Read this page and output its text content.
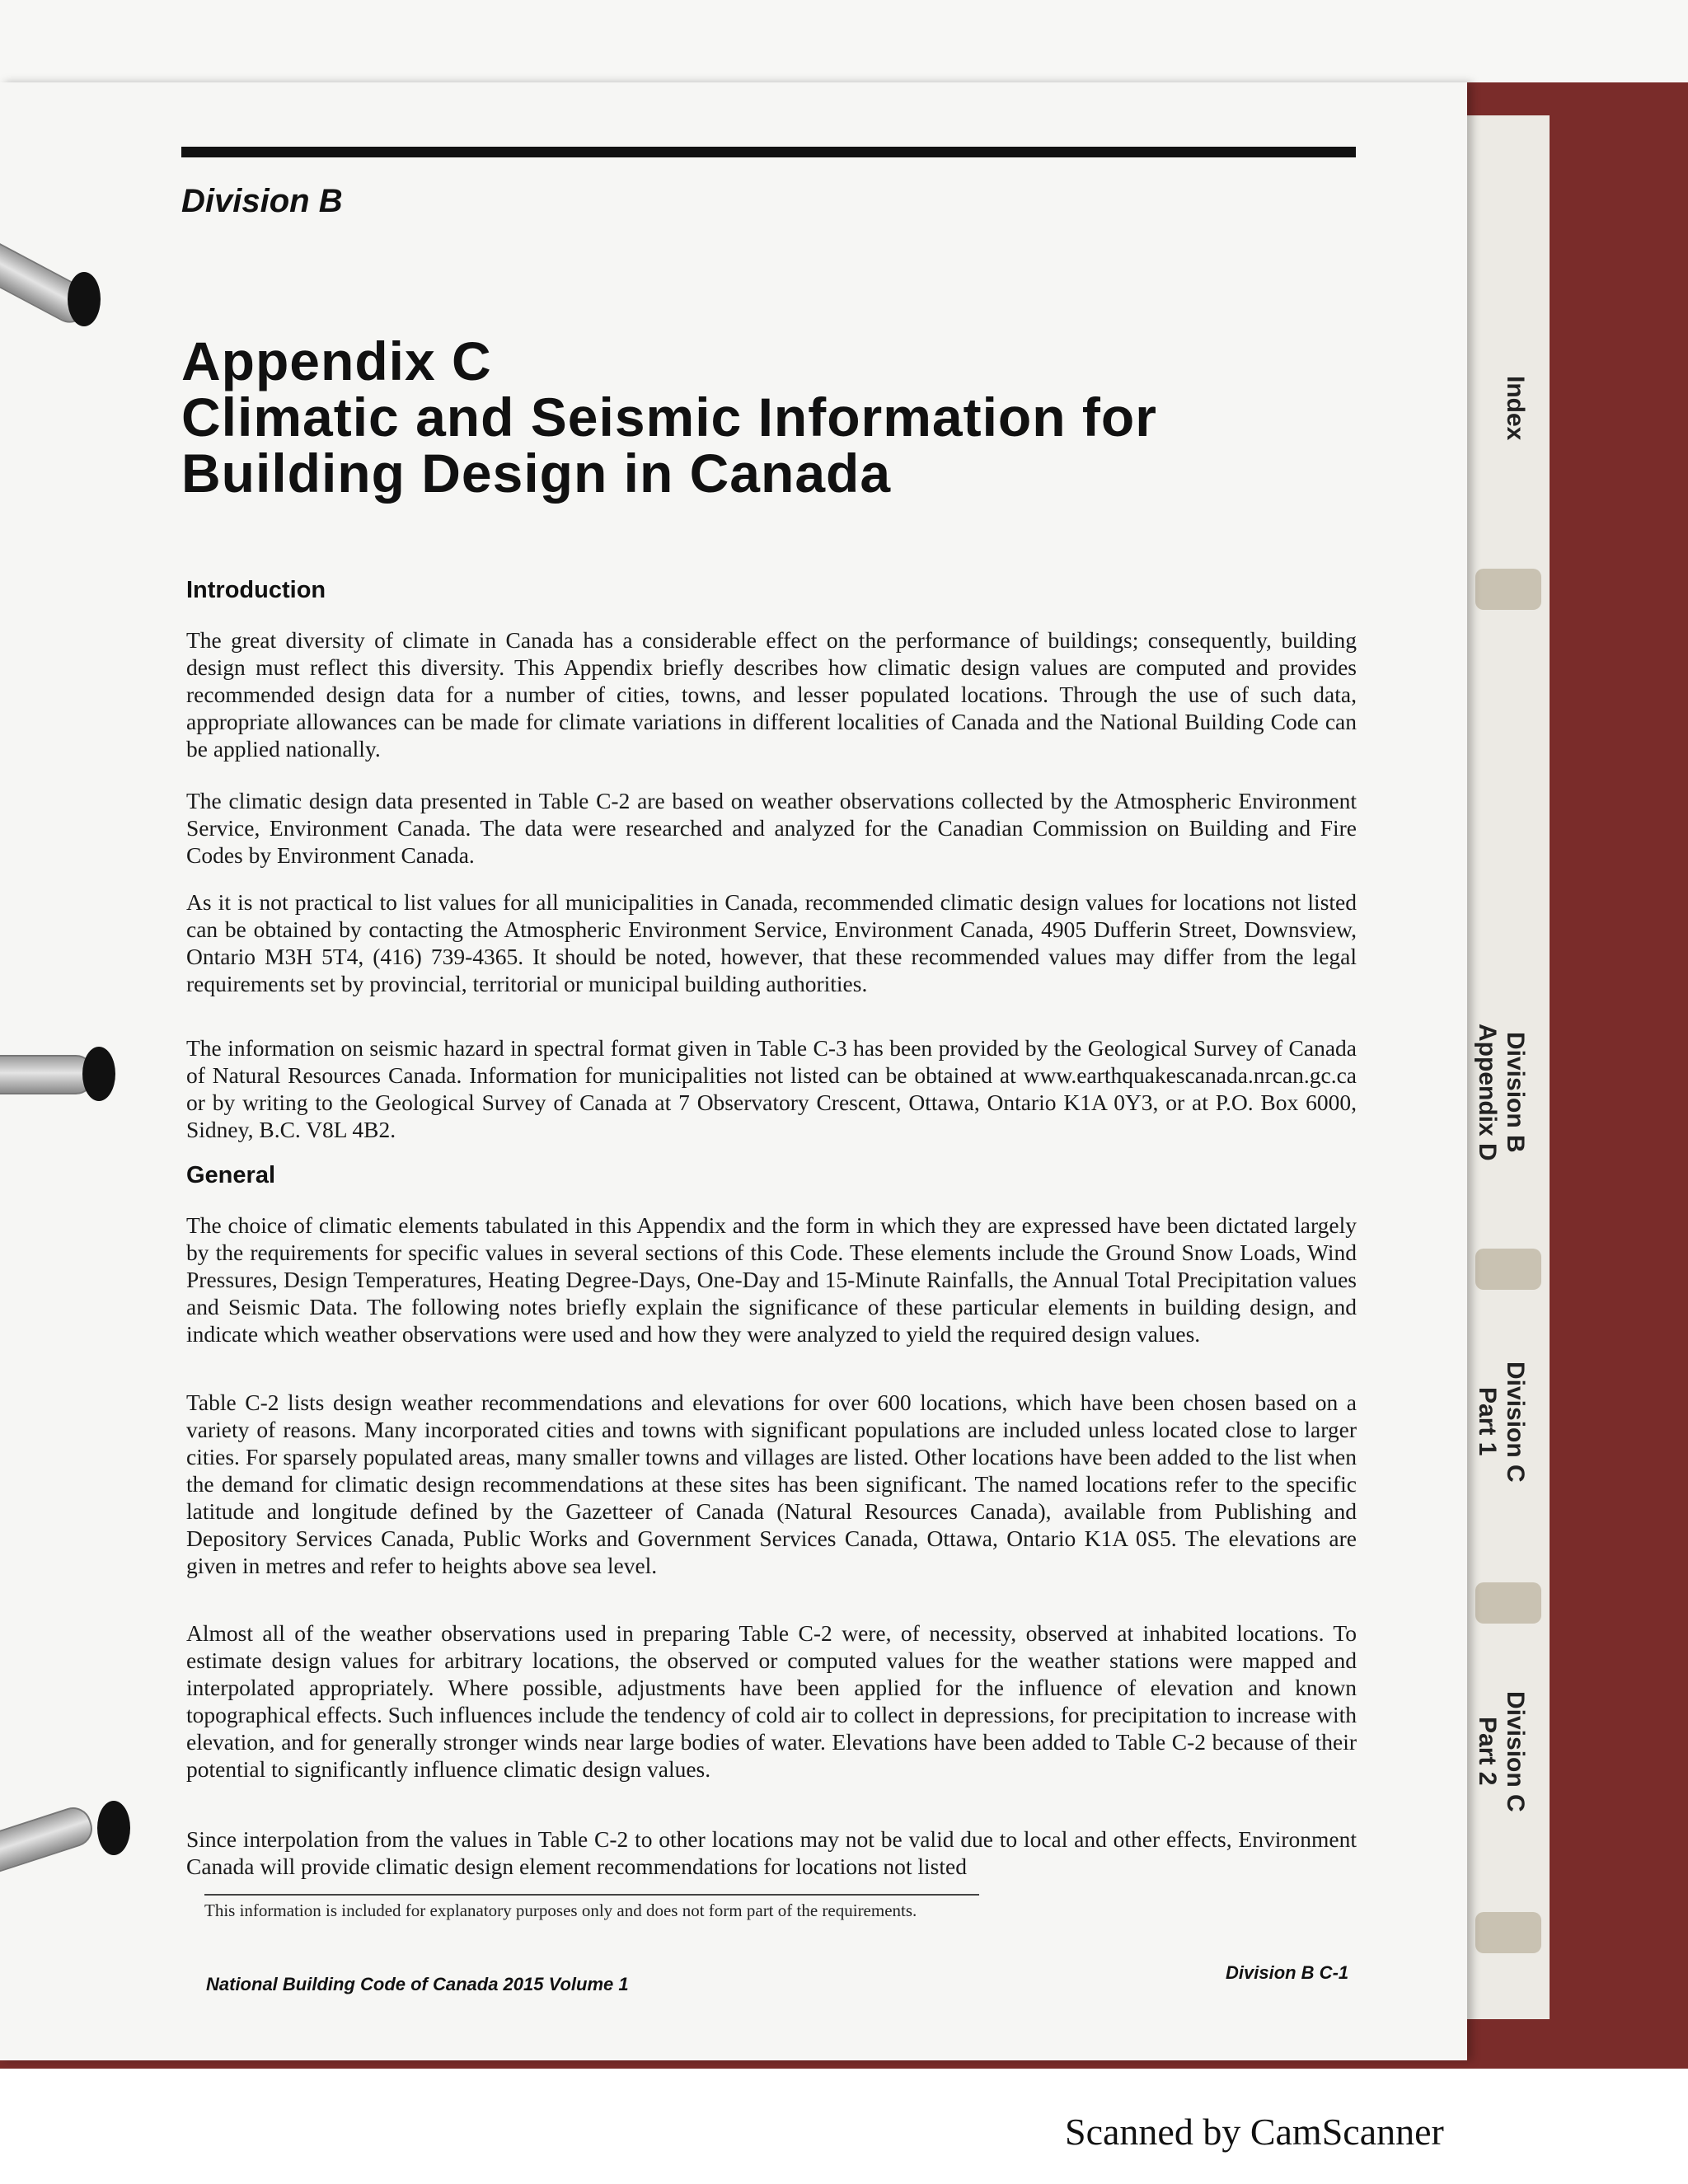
Index
Division B
Appendix D
Division C
Part 1
Division C
Part 2
Division B
Appendix C
Climatic and Seismic Information for
Building Design in Canada
Introduction

The great diversity of climate in Canada has a considerable effect on the performance of buildings; consequently, building design must reflect this diversity. This Appendix briefly describes how climatic design values are computed and provides recommended design data for a number of cities, towns, and lesser populated locations. Through the use of such data, appropriate allowances can be made for climate variations in different localities of Canada and the National Building Code can be applied nationally.

The climatic design data presented in Table C-2 are based on weather observations collected by the Atmospheric Environment Service, Environment Canada. The data were researched and analyzed for the Canadian Commission on Building and Fire Codes by Environment Canada.

As it is not practical to list values for all municipalities in Canada, recommended climatic design values for locations not listed can be obtained by contacting the Atmospheric Environment Service, Environment Canada, 4905 Dufferin Street, Downsview, Ontario M3H 5T4, (416) 739-4365. It should be noted, however, that these recommended values may differ from the legal requirements set by provincial, territorial or municipal building authorities.

The information on seismic hazard in spectral format given in Table C-3 has been provided by the Geological Survey of Canada of Natural Resources Canada. Information for municipalities not listed can be obtained at www.earthquakescanada.nrcan.gc.ca or by writing to the Geological Survey of Canada at 7 Observatory Crescent, Ottawa, Ontario K1A 0Y3, or at P.O. Box 6000, Sidney, B.C. V8L 4B2.

General

The choice of climatic elements tabulated in this Appendix and the form in which they are expressed have been dictated largely by the requirements for specific values in several sections of this Code. These elements include the Ground Snow Loads, Wind Pressures, Design Temperatures, Heating Degree-Days, One-Day and 15-Minute Rainfalls, the Annual Total Precipitation values and Seismic Data. The following notes briefly explain the significance of these particular elements in building design, and indicate which weather observations were used and how they were analyzed to yield the required design values.

Table C-2 lists design weather recommendations and elevations for over 600 locations, which have been chosen based on a variety of reasons. Many incorporated cities and towns with significant populations are included unless located close to larger cities. For sparsely populated areas, many smaller towns and villages are listed. Other locations have been added to the list when the demand for climatic design recommendations at these sites has been significant. The named locations refer to the specific latitude and longitude defined by the Gazetteer of Canada (Natural Resources Canada), available from Publishing and Depository Services Canada, Public Works and Government Services Canada, Ottawa, Ontario K1A 0S5. The elevations are given in metres and refer to heights above sea level.

Almost all of the weather observations used in preparing Table C-2 were, of necessity, observed at inhabited locations. To estimate design values for arbitrary locations, the observed or computed values for the weather stations were mapped and interpolated appropriately. Where possible, adjustments have been applied for the influence of elevation and known topographical effects. Such influences include the tendency of cold air to collect in depressions, for precipitation to increase with elevation, and for generally stronger winds near large bodies of water. Elevations have been added to Table C-2 because of their potential to significantly influence climatic design values.

Since interpolation from the values in Table C-2 to other locations may not be valid due to local and other effects, Environment Canada will provide climatic design element recommendations for locations not listed

This information is included for explanatory purposes only and does not form part of the requirements.
National Building Code of Canada 2015 Volume 1
Division B C-1
Scanned by CamScanner
